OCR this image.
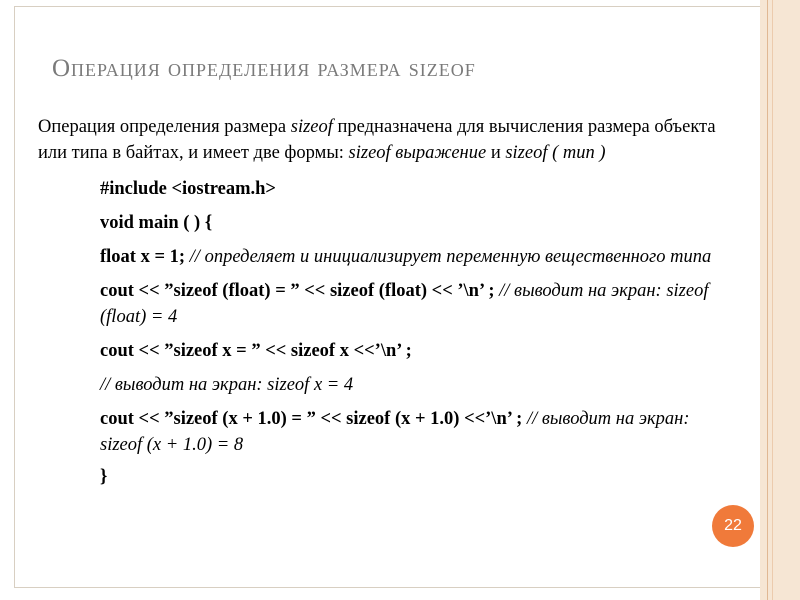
Операция определения размера sizeof

Операция определения размера sizeof предназначена для вычисления размера объекта или типа в байтах, и имеет две формы: sizeof выражение и sizeof ( тип )

#include <iostream.h>

void main ( ) {

float x = 1; // определяет и инициализирует переменную вещественного типа

cout << ”sizeof (float) = ” << sizeof (float) << ’\n’ ; // выводит на экран: sizeof (float) = 4

cout << ”sizeof x = ” << sizeof x <<’\n’ ;

// выводит на экран: sizeof x = 4

cout << ”sizeof (x + 1.0) = ” << sizeof (x + 1.0) <<’\n’ ; // выводит на экран: sizeof (x + 1.0) = 8

}

22
